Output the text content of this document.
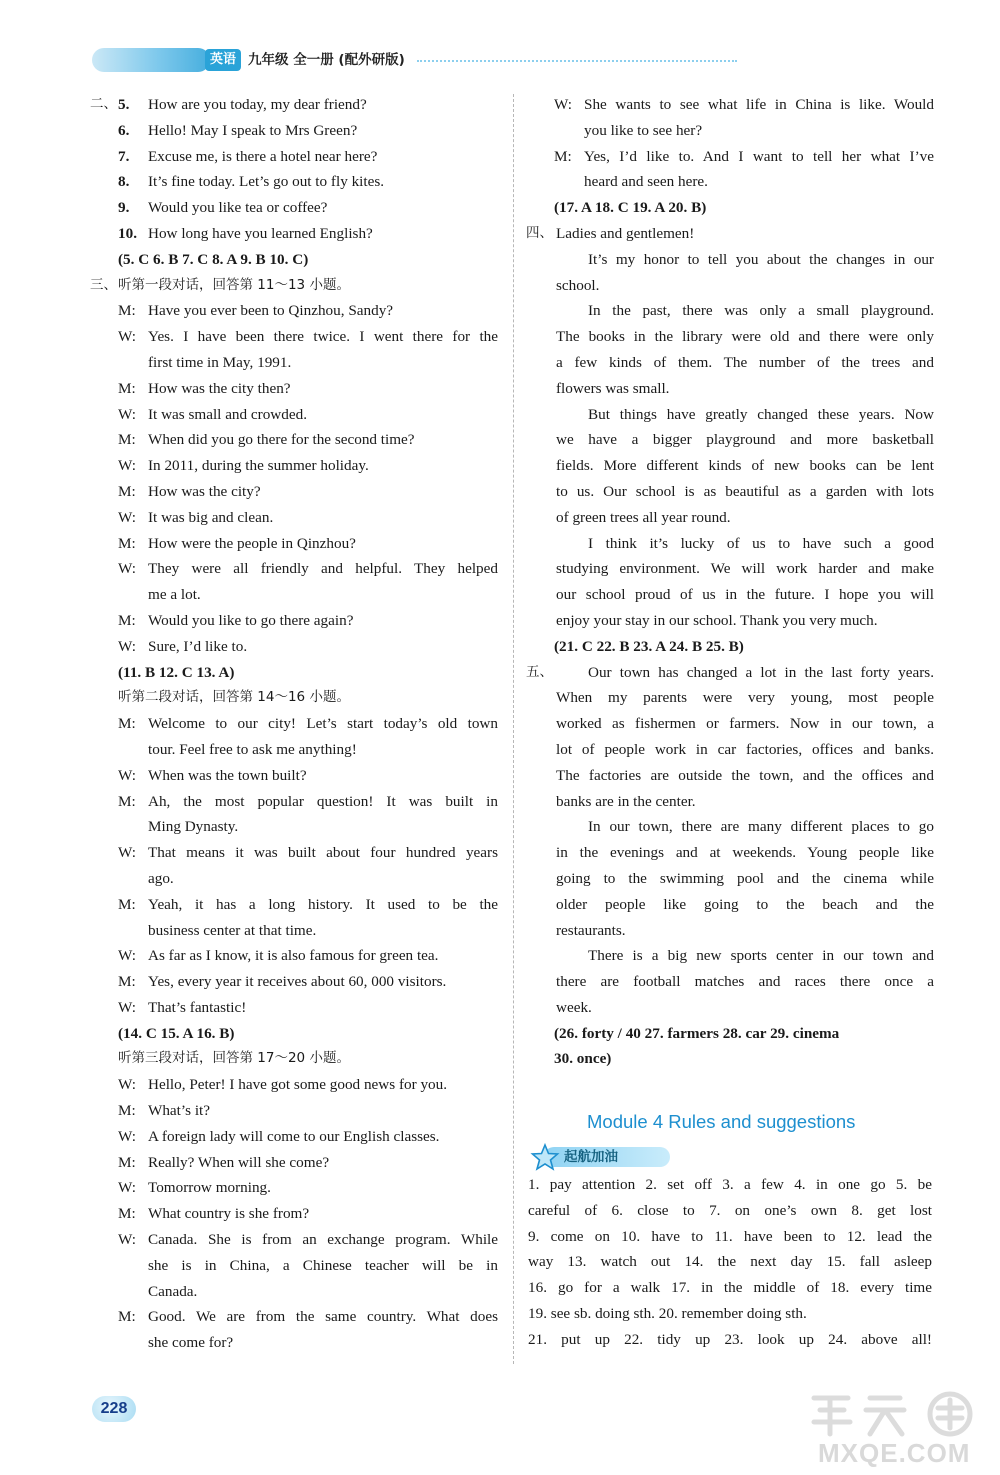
英语 九年级 全一册 (配外研版)
二、 5. How are you today, my dear friend?
6. Hello! May I speak to Mrs Green?
7. Excuse me, is there a hotel near here?
8. It’s fine today. Let’s go out to fly kites.
9. Would you like tea or coffee?
10. How long have you learned English?
(5. C 6. B 7. C 8. A 9. B 10. C)
三、 听第一段对话，回答第 11～13 小题。
M: Have you ever been to Qinzhou, Sandy?
W: Yes. I have been there twice. I went there for the
first time in May, 1991.
M: How was the city then?
W: It was small and crowded.
M: When did you go there for the second time?
W: In 2011, during the summer holiday.
M: How was the city?
W: It was big and clean.
M: How were the people in Qinzhou?
W: They were all friendly and helpful. They helped
me a lot.
M: Would you like to go there again?
W: Sure, I’d like to.
(11. B 12. C 13. A)
听第二段对话，回答第 14～16 小题。
M: Welcome to our city! Let’s start today’s old town
tour. Feel free to ask me anything!
W: When was the town built?
M: Ah, the most popular question! It was built in
Ming Dynasty.
W: That means it was built about four hundred years
ago.
M: Yeah, it has a long history. It used to be the
business center at that time.
W: As far as I know, it is also famous for green tea.
M: Yes, every year it receives about 60, 000 visitors.
W: That’s fantastic!
(14. C 15. A 16. B)
听第三段对话，回答第 17～20 小题。
W: Hello, Peter! I have got some good news for you.
M: What’s it?
W: A foreign lady will come to our English classes.
M: Really? When will she come?
W: Tomorrow morning.
M: What country is she from?
W: Canada. She is from an exchange program. While
she is in China, a Chinese teacher will be in
Canada.
M: Good. We are from the same country. What does
she come for?
W: She wants to see what life in China is like. Would
you like to see her?
M: Yes, I’d like to. And I want to tell her what I’ve
heard and seen here.
(17. A 18. C 19. A 20. B)
四、 Ladies and gentlemen!
It’s my honor to tell you about the changes in our
school.
In the past, there was only a small playground.
The books in the library were old and there were only
a few kinds of them. The number of the trees and
flowers was small.
But things have greatly changed these years. Now
we have a bigger playground and more basketball
fields. More different kinds of new books can be lent
to us. Our school is as beautiful as a garden with lots
of green trees all year round.
I think it’s lucky of us to have such a good
studying environment. We will work harder and make
our school proud of us in the future. I hope you will
enjoy your stay in our school. Thank you very much.
(21. C 22. B 23. A 24. B 25. B)
五、 Our town has changed a lot in the last forty years.
When my parents were very young, most people
worked as fishermen or farmers. Now in our town, a
lot of people work in car factories, offices and banks.
The factories are outside the town, and the offices and
banks are in the center.
In our town, there are many different places to go
in the evenings and at weekends. Young people like
going to the swimming pool and the cinema while
older people like going to the beach and the
restaurants.
There is a big new sports center in our town and
there are football matches and races there once a
week.
(26. forty / 40 27. farmers 28. car 29. cinema
30. once)
Module 4 Rules and suggestions
起航加油
1. pay attention 2. set off 3. a few 4. in one go 5. be
careful of 6. close to 7. on one’s own 8. get lost
9. come on 10. have to 11. have been to 12. lead the
way 13. watch out 14. the next day 15. fall asleep
16. go for a walk 17. in the middle of 18. every time
19. see sb. doing sth. 20. remember doing sth.
21. put up 22. tidy up 23. look up 24. above all!
228
MXQE.COM
